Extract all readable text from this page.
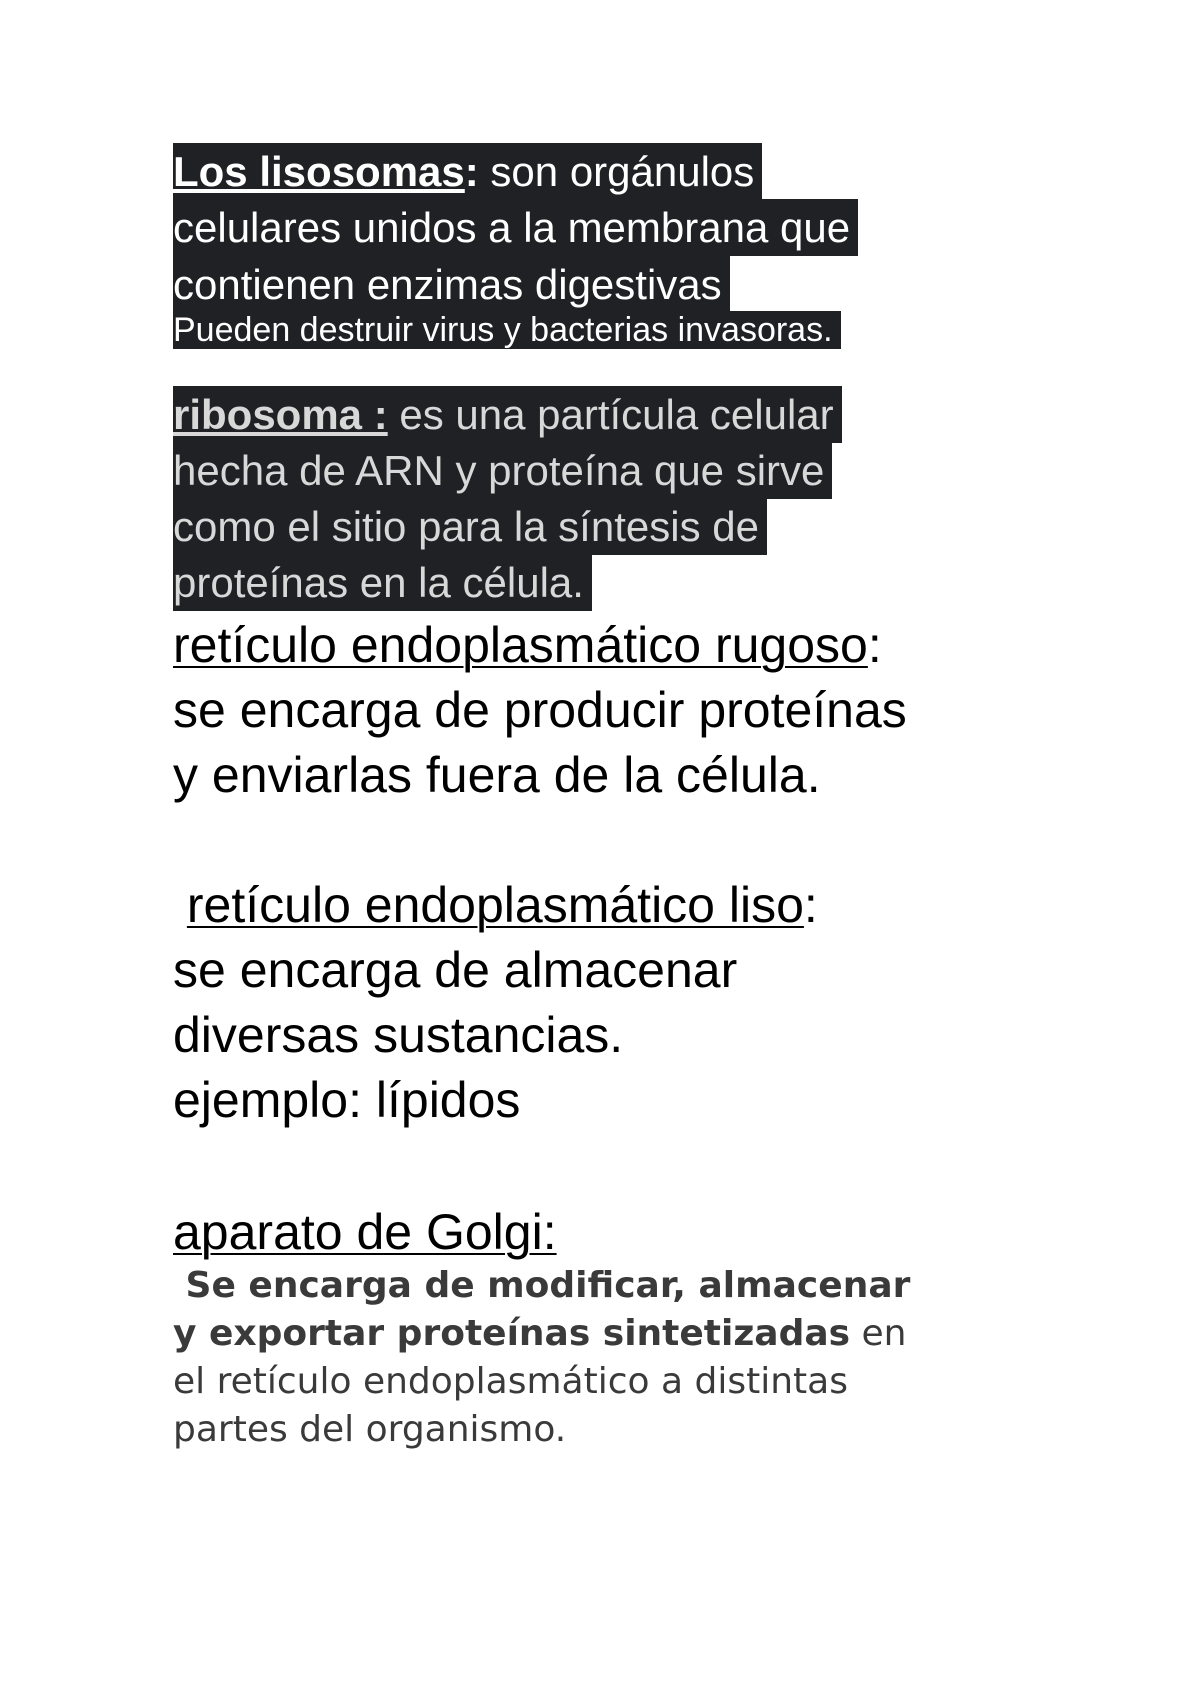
Los lisosomas: son orgánulos
celulares unidos a la membrana que
contienen enzimas digestivas
Pueden destruir virus y bacterias invasoras.
ribosoma : es una partícula celular
hecha de ARN y proteína que sirve
como el sitio para la síntesis de
proteínas en la célula.
retículo endoplasmático rugoso:
se encarga de producir proteínas
y enviarlas fuera de la célula.
retículo endoplasmático liso:
se encarga de almacenar
diversas sustancias.
ejemplo: lípidos
aparato de Golgi:
Se encarga de modificar, almacenar
y exportar proteínas sintetizadas en
el retículo endoplasmático a distintas
partes del organismo.
